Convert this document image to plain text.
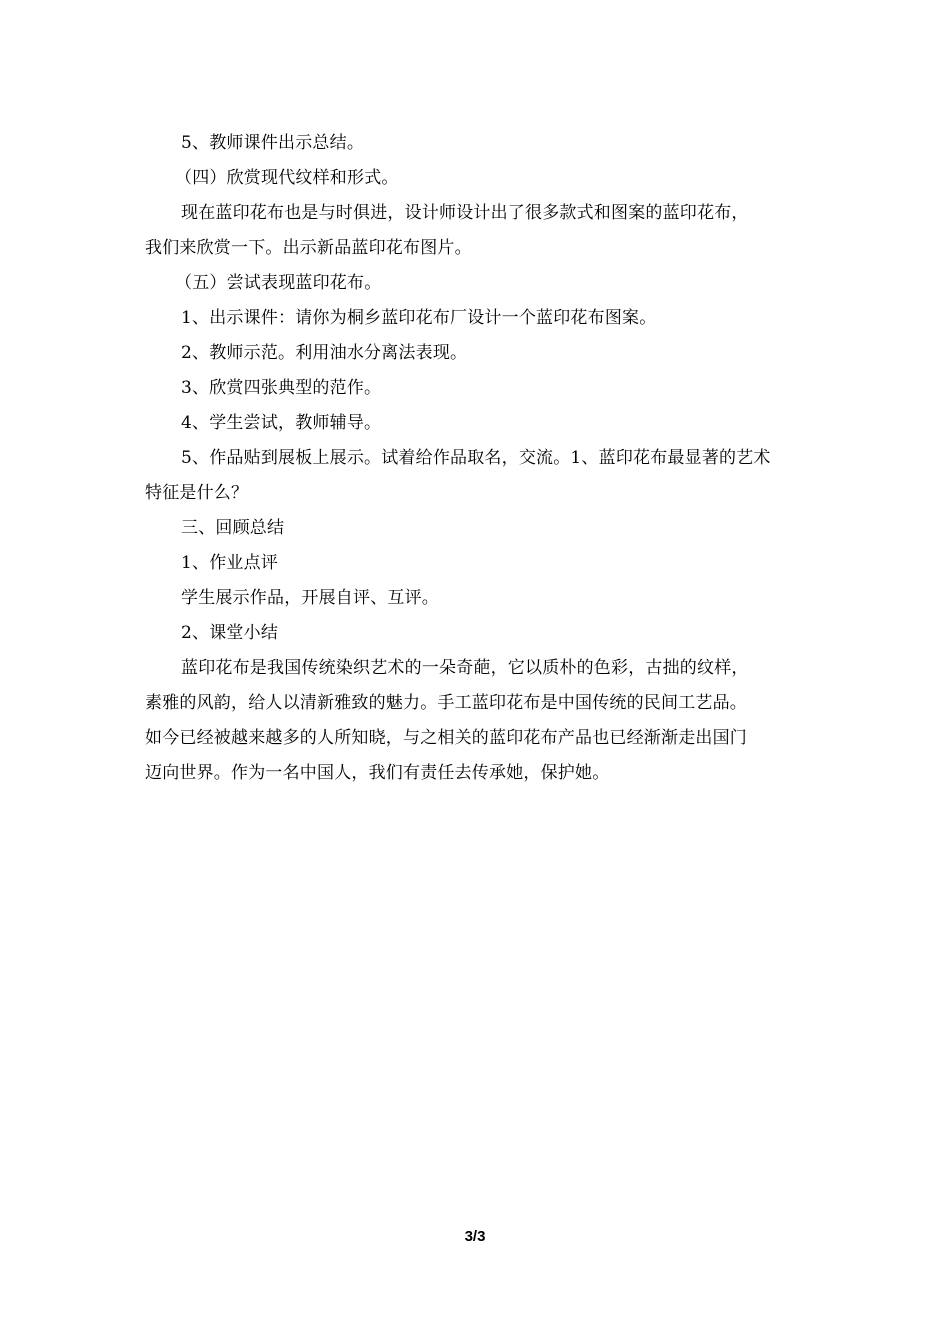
5、教师课件出示总结。
（四）欣赏现代纹样和形式。
现在蓝印花布也是与时俱进，设计师设计出了很多款式和图案的蓝印花布，
我们来欣赏一下。出示新品蓝印花布图片。
（五）尝试表现蓝印花布。
1、出示课件：请你为桐乡蓝印花布厂设计一个蓝印花布图案。
2、教师示范。利用油水分离法表现。
3、欣赏四张典型的范作。
4、学生尝试，教师辅导。
5、作品贴到展板上展示。试着给作品取名，交流。1、蓝印花布最显著的艺术
特征是什么？
三、回顾总结
1、作业点评
学生展示作品，开展自评、互评。
2、课堂小结
蓝印花布是我国传统染织艺术的一朵奇葩，它以质朴的色彩，古拙的纹样，
素雅的风韵，给人以清新雅致的魅力。手工蓝印花布是中国传统的民间工艺品。
如今已经被越来越多的人所知晓，与之相关的蓝印花布产品也已经渐渐走出国门
迈向世界。作为一名中国人，我们有责任去传承她，保护她。
3/3
